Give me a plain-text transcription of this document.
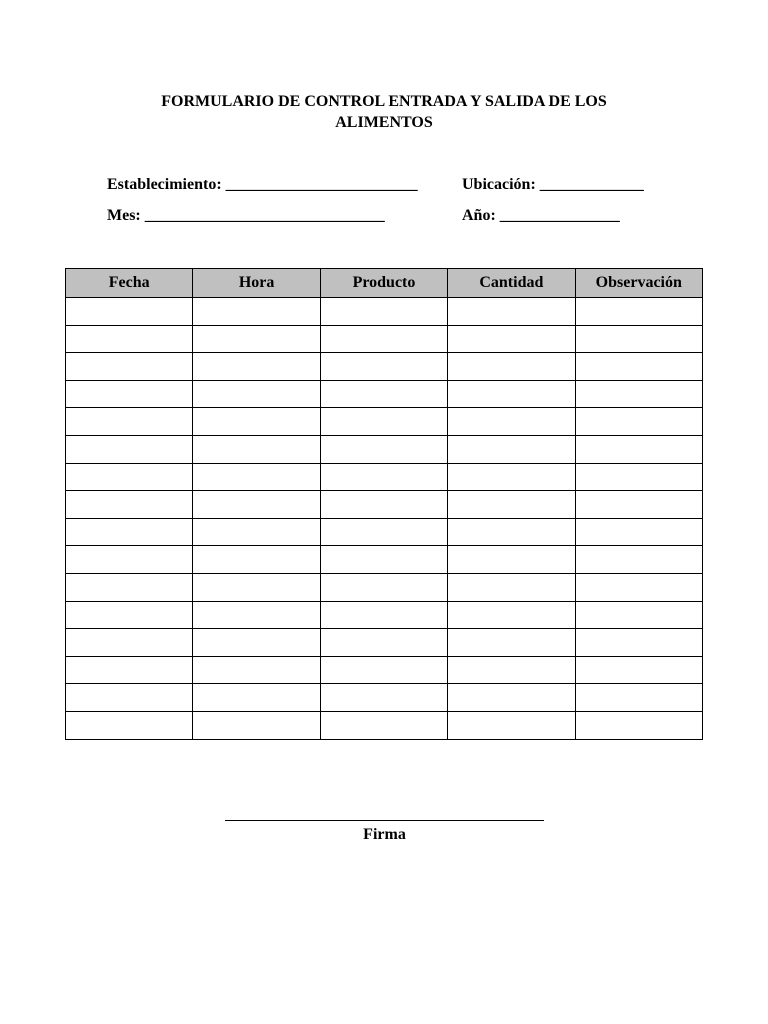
FORMULARIO DE CONTROL ENTRADA Y SALIDA DE LOS ALIMENTOS
Establecimiento: ________________________	Ubicación: _____________
Mes: ______________________________	Año: _______________
Fecha	Hora	Producto	Cantidad	Observación

Firma
